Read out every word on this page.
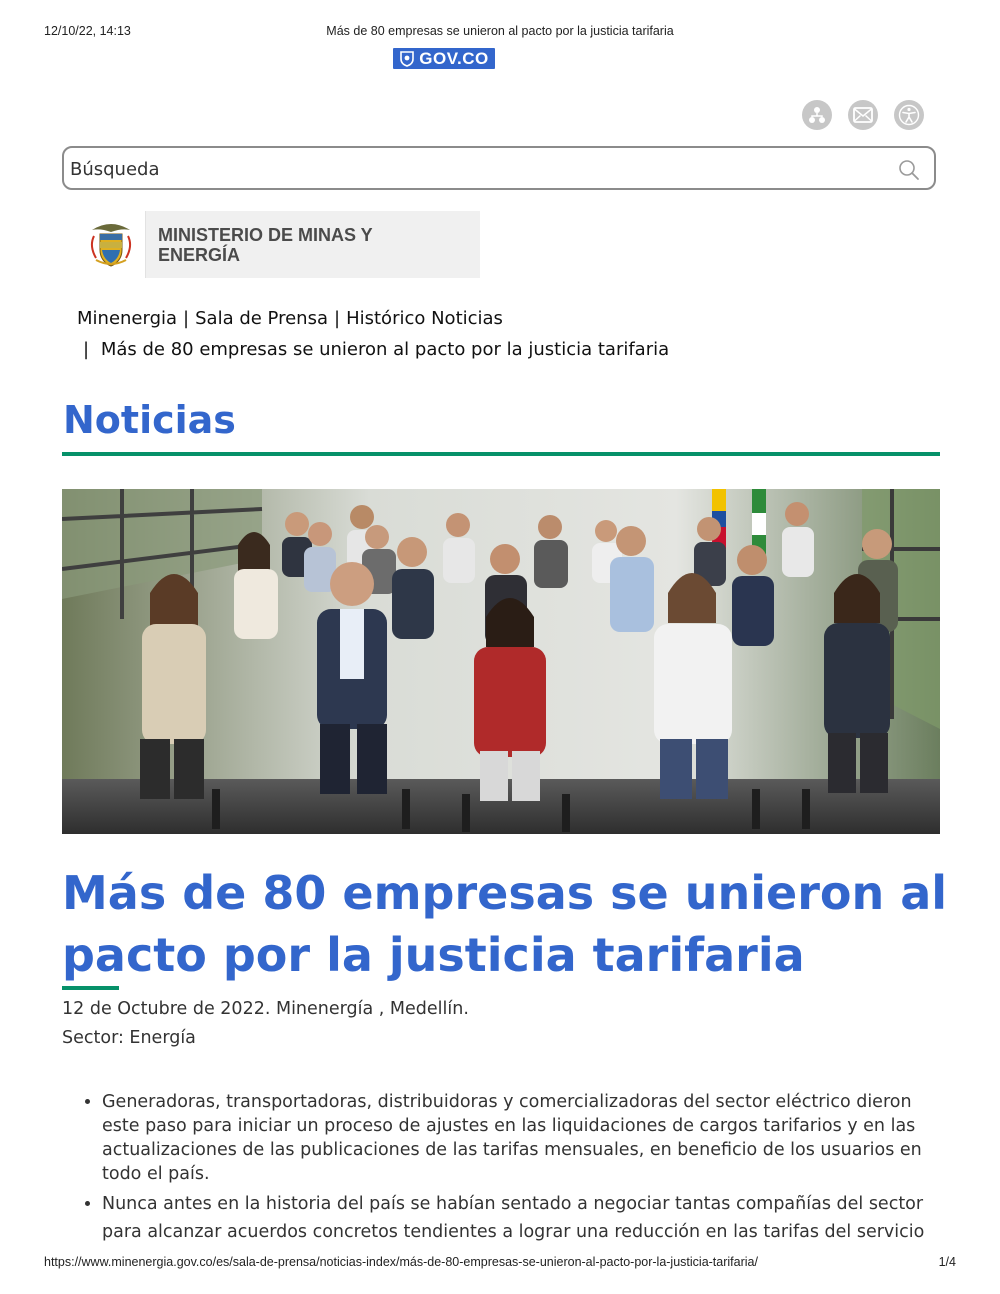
12/10/22, 14:13	Más de 80 empresas se unieron al pacto por la justicia tarifaria
GOV.CO
Búsqueda
MINISTERIO DE MINAS Y ENERGÍA
Minenergia | Sala de Prensa | Histórico Noticias
| Más de 80 empresas se unieron al pacto por la justicia tarifaria
Noticias
Más de 80 empresas se unieron al pacto por la justicia tarifaria
12 de Octubre de 2022. Minenergía , Medellín.
Sector: Energía
• Generadoras, transportadoras, distribuidoras y comercializadoras del sector eléctrico dieron este paso para iniciar un proceso de ajustes en las liquidaciones de cargos tarifarios y en las actualizaciones de las publicaciones de las tarifas mensuales, en beneficio de los usuarios en todo el país.
• Nunca antes en la historia del país se habían sentado a negociar tantas compañías del sector para alcanzar acuerdos concretos tendientes a lograr una reducción en las tarifas del servicio
https://www.minenergia.gov.co/es/sala-de-prensa/noticias-index/más-de-80-empresas-se-unieron-al-pacto-por-la-justicia-tarifaria/	1/4
